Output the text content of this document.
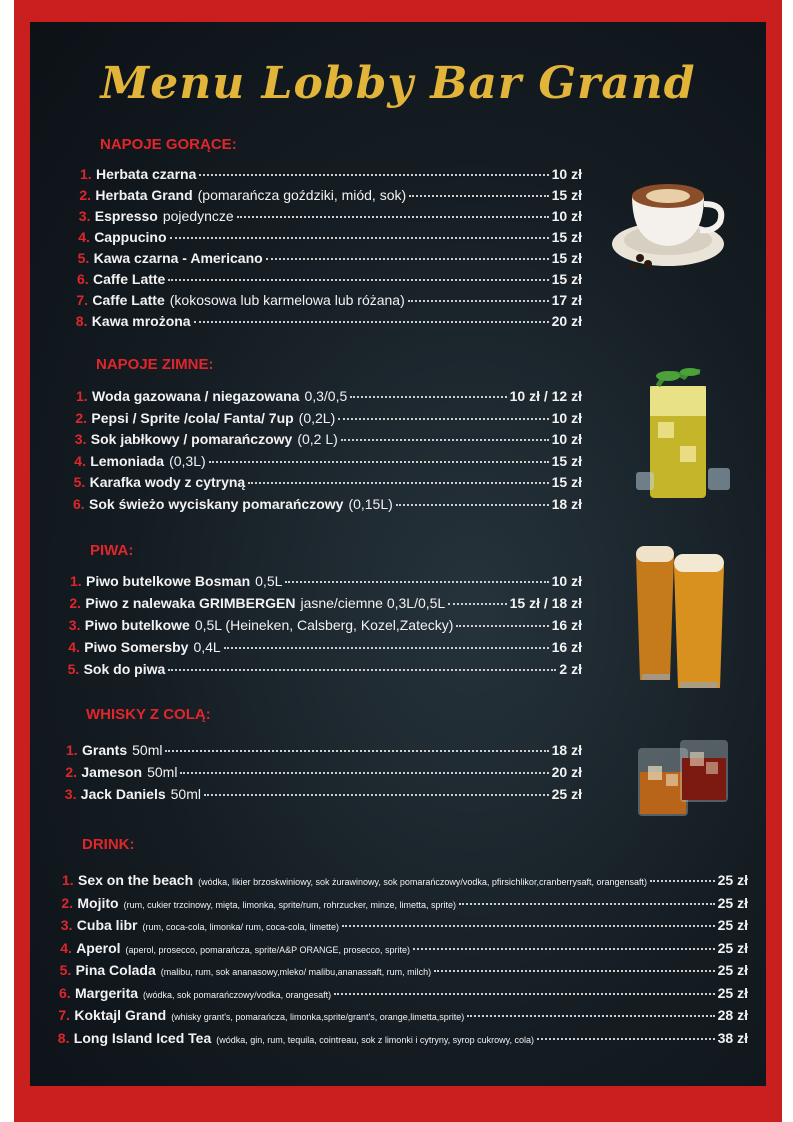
Menu Lobby Bar Grand
NAPOJE GORĄCE:
1. Herbata czarna	10 zł
2. Herbata Grand (pomarańcza goździki, miód, sok)	15 zł
3. Espresso pojedyncze	10 zł
4. Cappucino	15 zł
5. Kawa czarna - Americano	15 zł
6. Caffe Latte	15 zł
7. Caffe Latte (kokosowa lub karmelowa lub różana)	17 zł
8. Kawa mrożona	20 zł
NAPOJE ZIMNE:
1. Woda gazowana / niegazowana 0,3/0,5	10 zł / 12 zł
2. Pepsi / Sprite /cola/ Fanta/ 7up (0,2L)	10 zł
3. Sok jabłkowy / pomarańczowy (0,2 L)	10 zł
4. Lemoniada (0,3L)	15 zł
5. Karafka wody z cytryną	15 zł
6. Sok świeżo wyciskany pomarańczowy (0,15L)	18 zł
PIWA:
1. Piwo butelkowe Bosman 0,5L	10 zł
2. Piwo z nalewaka GRIMBERGEN jasne/ciemne 0,3L/0,5L	15 zł / 18 zł
3. Piwo butelkowe 0,5L (Heineken, Calsberg, Kozel,Zatecky)	16 zł
4. Piwo Somersby 0,4L	16 zł
5. Sok do piwa	2 zł
WHISKY Z COLĄ:
1. Grants 50ml	18 zł
2. Jameson 50ml	20 zł
3. Jack Daniels 50ml	25 zł
DRINK:
1. Sex on the beach (wódka, likier brzoskwiniowy, sok żurawinowy, sok pomarańczowy/vodka, pfirsichlikor,cranberrysaft, orangensaft)	25 zł
2. Mojito (rum, cukier trzcinowy, mięta, limonka, sprite/rum, rohrzucker, minze, limetta, sprite)	25 zł
3. Cuba libr (rum, coca-cola, limonka/ rum, coca-cola, limette)	25 zł
4. Aperol (aperol, prosecco, pomarańcza, sprite/A&P ORANGE, prosecco, sprite)	25 zł
5. Pina Colada (malibu, rum, sok ananasowy,mleko/ malibu,ananassaft, rum, milch)	25 zł
6. Margerita (wódka, sok pomarańczowy/vodka, orangesaft)	25 zł
7. Koktajl Grand (whisky grant's, pomarańcza, limonka,sprite/grant's, orange,limetta,sprite)	28 zł
8. Long Island Iced Tea (wódka, gin, rum, tequila, cointreau, sok z limonki i cytryny, syrop cukrowy, cola)	38 zł
